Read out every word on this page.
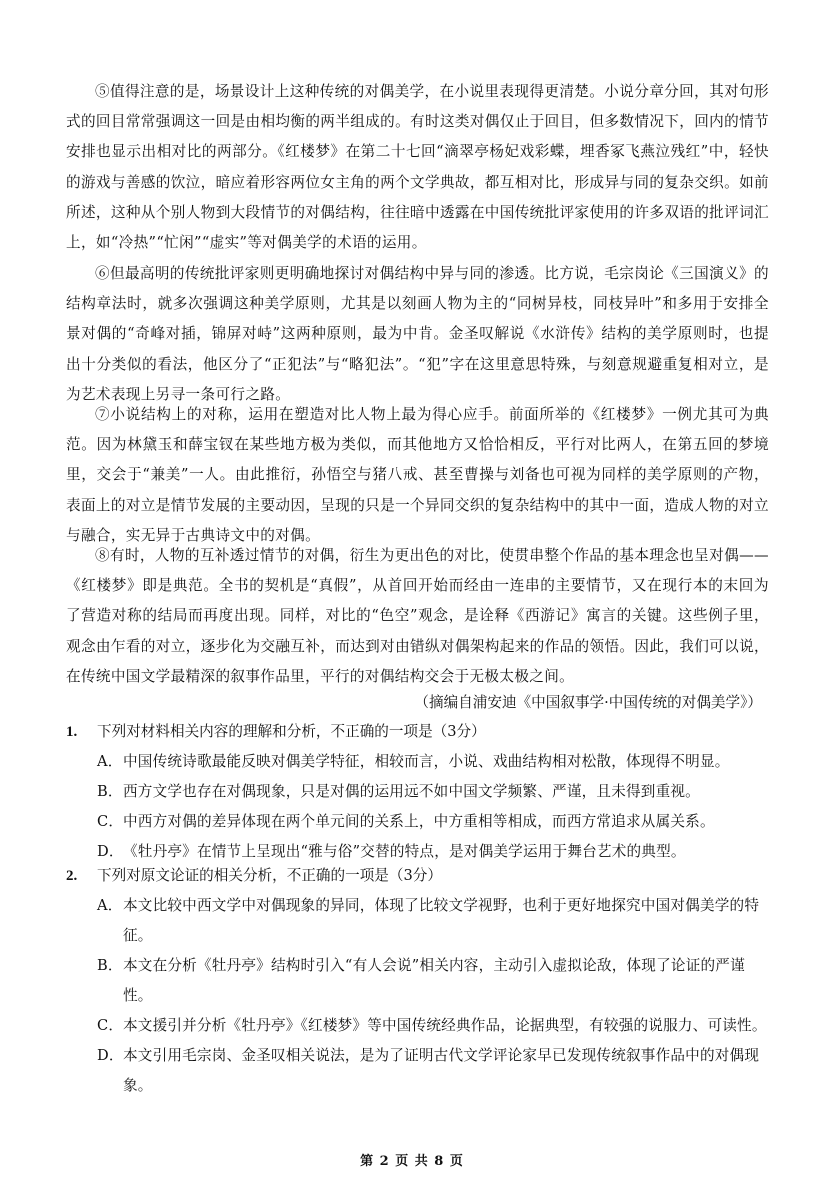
⑤值得注意的是，场景设计上这种传统的对偶美学，在小说里表现得更清楚。小说分章分回，其对句形式的回目常常强调这一回是由相均衡的两半组成的。有时这类对偶仅止于回目，但多数情况下，回内的情节安排也显示出相对比的两部分。《红楼梦》在第二十七回“滴翠亭杨妃戏彩蝶，埋香冢飞燕泣残红”中，轻快的游戏与善感的饮泣，暗应着形容两位女主角的两个文学典故，都互相对比，形成异与同的复杂交织。如前所述，这种从个别人物到大段情节的对偶结构，往往暗中透露在中国传统批评家使用的许多双语的批评词汇上，如“冷热”“忙闲”“虚实”等对偶美学的术语的运用。

⑥但最高明的传统批评家则更明确地探讨对偶结构中异与同的渗透。比方说，毛宗岗论《三国演义》的结构章法时，就多次强调这种美学原则，尤其是以刻画人物为主的“同树异枝，同枝异叶”和多用于安排全景对偶的“奇峰对插，锦屏对峙”这两种原则，最为中肯。金圣叹解说《水浒传》结构的美学原则时，也提出十分类似的看法，他区分了“正犯法”与“略犯法”。“犯”字在这里意思特殊，与刻意规避重复相对立，是为艺术表现上另寻一条可行之路。

⑦小说结构上的对称，运用在塑造对比人物上最为得心应手。前面所举的《红楼梦》一例尤其可为典范。因为林黛玉和薛宝钗在某些地方极为类似，而其他地方又恰恰相反，平行对比两人，在第五回的梦境里，交会于“兼美”一人。由此推衍，孙悟空与猪八戒、甚至曹操与刘备也可视为同样的美学原则的产物，表面上的对立是情节发展的主要动因，呈现的只是一个异同交织的复杂结构中的其中一面，造成人物的对立与融合，实无异于古典诗文中的对偶。

⑧有时，人物的互补透过情节的对偶，衍生为更出色的对比，使贯串整个作品的基本理念也呈对偶——《红楼梦》即是典范。全书的契机是“真假”，从首回开始而经由一连串的主要情节，又在现行本的末回为了营造对称的结局而再度出现。同样，对比的“色空”观念，是诠释《西游记》寓言的关键。这些例子里，观念由乍看的对立，逐步化为交融互补，而达到对由错纵对偶架构起来的作品的领悟。因此，我们可以说，在传统中国文学最精深的叙事作品里，平行的对偶结构交会于无极太极之间。

（摘编自浦安迪《中国叙事学·中国传统的对偶美学》）

1. 下列对材料相关内容的理解和分析，不正确的一项是（3分）
A． 中国传统诗歌最能反映对偶美学特征，相较而言，小说、戏曲结构相对松散，体现得不明显。
B． 西方文学也存在对偶现象，只是对偶的运用远不如中国文学频繁、严谨，且未得到重视。
C． 中西方对偶的差异体现在两个单元间的关系上，中方重相等相成，而西方常追求从属关系。
D． 《牡丹亭》在情节上呈现出“雅与俗”交替的特点，是对偶美学运用于舞台艺术的典型。
2. 下列对原文论证的相关分析，不正确的一项是（3分）
A． 本文比较中西文学中对偶现象的异同，体现了比较文学视野，也利于更好地探究中国对偶美学的特征。
B． 本文在分析《牡丹亭》结构时引入“有人会说”相关内容，主动引入虚拟论敌，体现了论证的严谨性。
C． 本文援引并分析《牡丹亭》《红楼梦》等中国传统经典作品，论据典型，有较强的说服力、可读性。
D． 本文引用毛宗岗、金圣叹相关说法，是为了证明古代文学评论家早已发现传统叙事作品中的对偶现象。
第 2 页 共 8 页
